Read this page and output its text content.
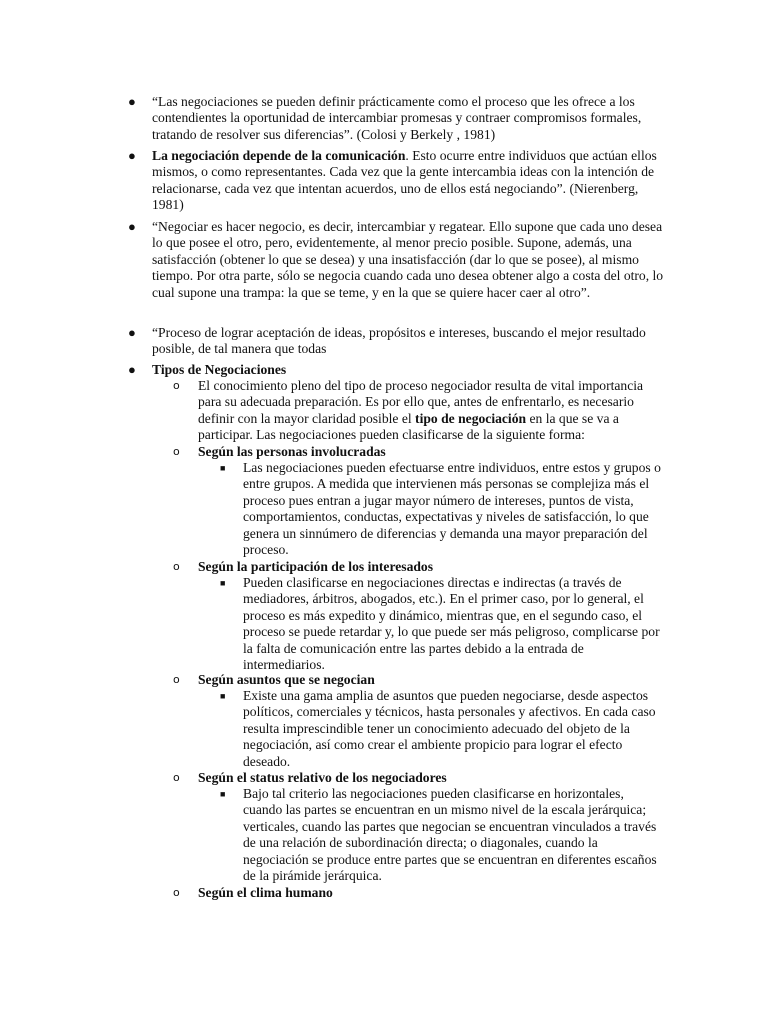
● “Las negociaciones se pueden definir prácticamente como el proceso que les ofrece a los contendientes la oportunidad de intercambiar promesas y contraer compromisos formales, tratando de resolver sus diferencias”. (Colosi y Berkely , 1981)
● La negociación depende de la comunicación. Esto ocurre entre individuos que actúan ellos mismos, o como representantes. Cada vez que la gente intercambia ideas con la intención de relacionarse, cada vez que intentan acuerdos, uno de ellos está negociando”. (Nierenberg, 1981)
● “Negociar es hacer negocio, es decir, intercambiar y regatear. Ello supone que cada uno desea lo que posee el otro, pero, evidentemente, al menor precio posible. Supone, además, una satisfacción (obtener lo que se desea) y una insatisfacción (dar lo que se posee), al mismo tiempo. Por otra parte, sólo se negocia cuando cada uno desea obtener algo a costa del otro, lo cual supone una trampa: la que se teme, y en la que se quiere hacer caer al otro”.
● “Proceso de lograr aceptación de ideas, propósitos e intereses, buscando el mejor resultado posible, de tal manera que todas
● Tipos de Negociaciones
o El conocimiento pleno del tipo de proceso negociador resulta de vital importancia para su adecuada preparación. Es por ello que, antes de enfrentarlo, es necesario definir con la mayor claridad posible el tipo de negociación en la que se va a participar. Las negociaciones pueden clasificarse de la siguiente forma:
o Según las personas involucradas
■ Las negociaciones pueden efectuarse entre individuos, entre estos y grupos o entre grupos. A medida que intervienen más personas se complejiza más el proceso pues entran a jugar mayor número de intereses, puntos de vista, comportamientos, conductas, expectativas y niveles de satisfacción, lo que genera un sinnúmero de diferencias y demanda una mayor preparación del proceso.
o Según la participación de los interesados
■ Pueden clasificarse en negociaciones directas e indirectas (a través de mediadores, árbitros, abogados, etc.). En el primer caso, por lo general, el proceso es más expedito y dinámico, mientras que, en el segundo caso, el proceso se puede retardar y, lo que puede ser más peligroso, complicarse por la falta de comunicación entre las partes debido a la entrada de intermediarios.
o Según asuntos que se negocian
■ Existe una gama amplia de asuntos que pueden negociarse, desde aspectos políticos, comerciales y técnicos, hasta personales y afectivos. En cada caso resulta imprescindible tener un conocimiento adecuado del objeto de la negociación, así como crear el ambiente propicio para lograr el efecto deseado.
o Según el status relativo de los negociadores
■ Bajo tal criterio las negociaciones pueden clasificarse en horizontales, cuando las partes se encuentran en un mismo nivel de la escala jerárquica; verticales, cuando las partes que negocian se encuentran vinculados a través de una relación de subordinación directa; o diagonales, cuando la negociación se produce entre partes que se encuentran en diferentes escaños de la pirámide jerárquica.
o Según el clima humano
